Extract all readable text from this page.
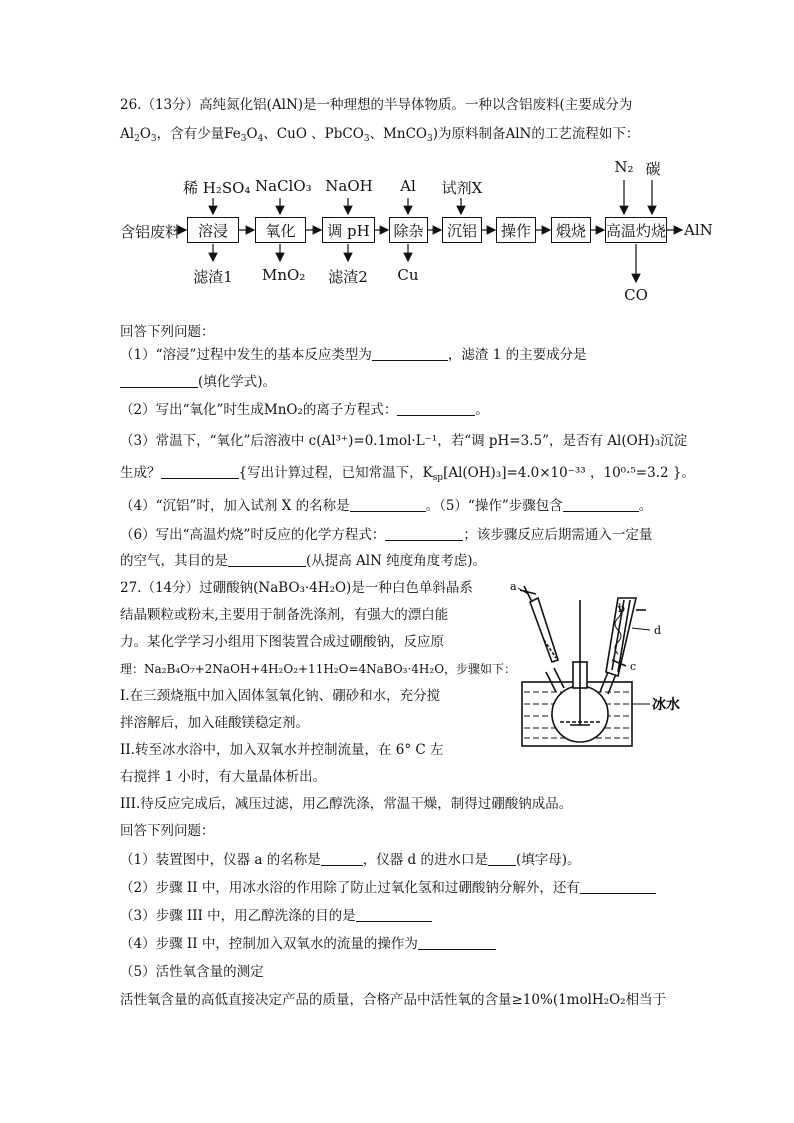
26.（13分）高纯氮化铝(AlN)是一种理想的半导体物质。一种以含铝废料(主要成分为
$Al_2O_3$，含有少量$Fe_3O_4$、CuO 、PbCO$_3$、MnCO$_3$)为原料制备AlN的工艺流程如下：
含铝废料	溶浸	氧化	调 pH	除杂	沉铝	操作	煅烧	高温灼烧 AlN
稀 H₂SO₄ NaClO₃ NaOH	Al	试剂X
N₂ 碳
滤渣1 MnO₂ 滤渣2 Cu
CO
回答下列问题：
（1）“溶浸”过程中发生的基本反应类型为	，滤渣 1 的主要成分是
(填化学式)。
（2）写出“氧化”时生成MnO₂的离子方程式：	。
（3）常温下，“氧化”后溶液中 c(Al³⁺)=0.1mol·L⁻¹，若“调 pH=3.5”，是否有 Al(OH)₃沉淀
生成？	{写出计算过程，已知常温下，$K_{sp}[Al(OH)_3]=4.0\times 10^{-33}$ ，10⁰·⁵=3.2 }。
（4）“沉铝”时，加入试剂 X 的名称是	。（5）“操作”步骤包含	。
（6）写出“高温灼烧”时反应的化学方程式：	；该步骤反应后期需通入一定量
的空气，其目的是	(从提高 AlN 纯度角度考虑)。
27.（14分）过硼酸钠(NaBO₃·4H₂O)是一种白色单斜晶系
结晶颗粒或粉末,主要用于制备洗涤剂，有强大的漂白能
力。某化学学习小组用下图装置合成过硼酸钠，反应原
理：Na₂B₄O₇+2NaOH+4H₂O₂+11H₂O=4NaBO₃·4H₂O，步骤如下：
I.在三颈烧瓶中加入固体氢氧化钠、硼砂和水，充分搅
拌溶解后，加入硅酸镁稳定剂。
II.转至冰水浴中，加入双氧水并控制流量，在 6° C 左
右搅拌 1 小时，有大量晶体析出。
III.待反应完成后，减压过滤，用乙醇洗涤，常温干燥，制得过硼酸钠成品。
回答下列问题：
（1）装置图中，仪器 a 的名称是	，仪器 d 的进水口是 (填字母)。
（2）步骤 II 中，用冰水浴的作用除了防止过氧化氢和过硼酸钠分解外，还有
（3）步骤 III 中，用乙醇洗涤的目的是
（4）步骤 II 中，控制加入双氧水的流量的操作为
（5）活性氧含量的测定
活性氧含量的高低直接决定产品的质量，合格产品中活性氧的含量≥10%(1molH₂O₂相当于
a
b
d
c
冰水
